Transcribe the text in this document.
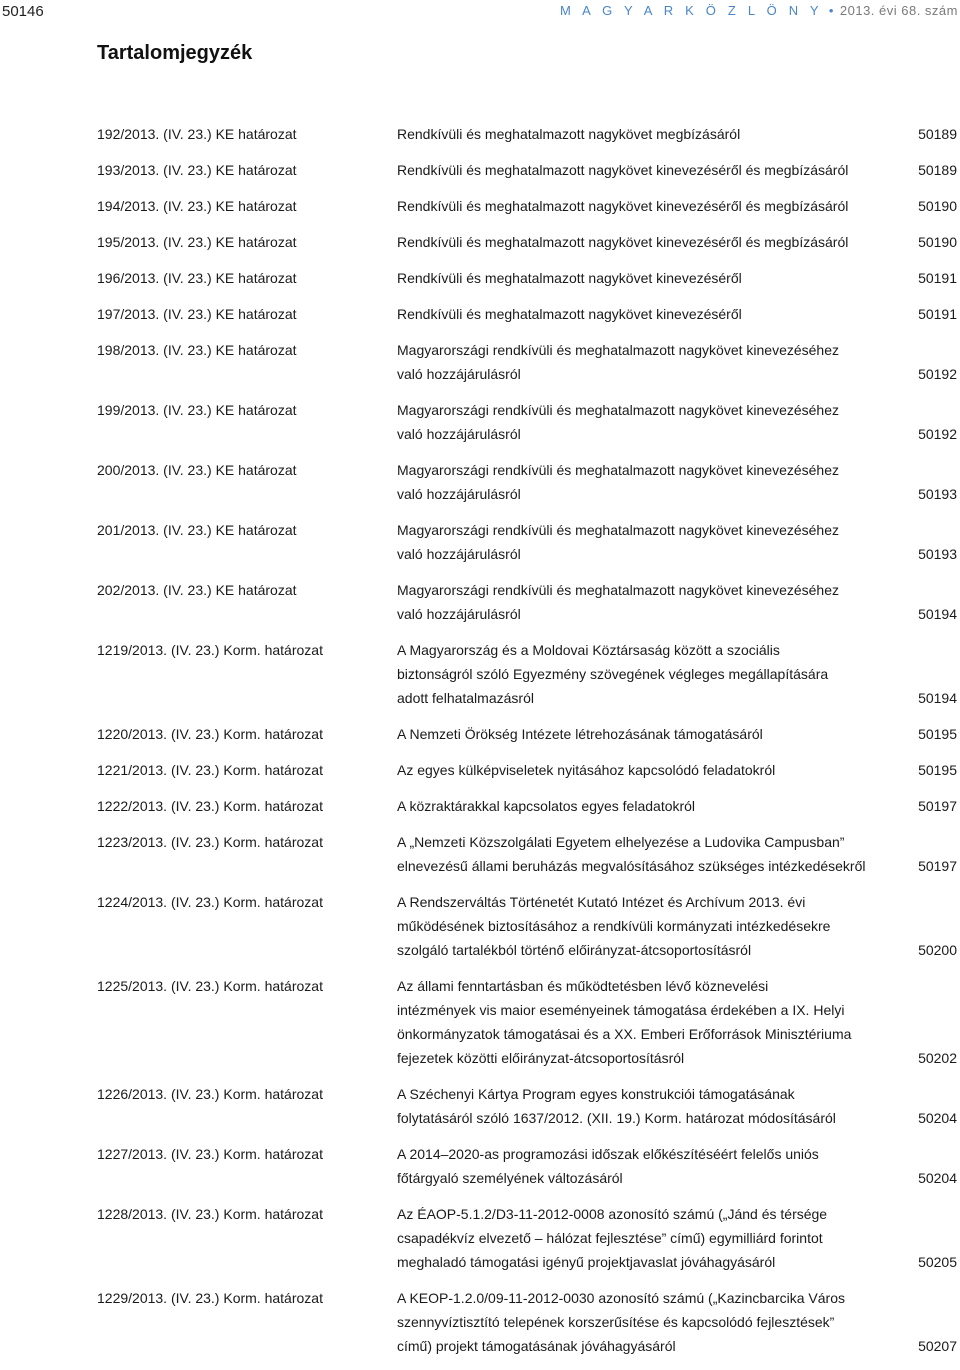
50146	M A G Y A R K Ö Z L Ö N Y • 2013. évi 68. szám
Tartalomjegyzék
192/2013. (IV. 23.) KE határozat	Rendkívüli és meghatalmazott nagykövet megbízásáról	50189
193/2013. (IV. 23.) KE határozat	Rendkívüli és meghatalmazott nagykövet kinevezéséről és megbízásáról	50189
194/2013. (IV. 23.) KE határozat	Rendkívüli és meghatalmazott nagykövet kinevezéséről és megbízásáról	50190
195/2013. (IV. 23.) KE határozat	Rendkívüli és meghatalmazott nagykövet kinevezéséről és megbízásáról	50190
196/2013. (IV. 23.) KE határozat	Rendkívüli és meghatalmazott nagykövet kinevezéséről	50191
197/2013. (IV. 23.) KE határozat	Rendkívüli és meghatalmazott nagykövet kinevezéséről	50191
198/2013. (IV. 23.) KE határozat	Magyarországi rendkívüli és meghatalmazott nagykövet kinevezéséhez
való hozzájárulásról	50192
199/2013. (IV. 23.) KE határozat	Magyarországi rendkívüli és meghatalmazott nagykövet kinevezéséhez
való hozzájárulásról	50192
200/2013. (IV. 23.) KE határozat	Magyarországi rendkívüli és meghatalmazott nagykövet kinevezéséhez
való hozzájárulásról	50193
201/2013. (IV. 23.) KE határozat	Magyarországi rendkívüli és meghatalmazott nagykövet kinevezéséhez
való hozzájárulásról	50193
202/2013. (IV. 23.) KE határozat	Magyarországi rendkívüli és meghatalmazott nagykövet kinevezéséhez
való hozzájárulásról	50194
1219/2013. (IV. 23.) Korm. határozat	A Magyarország és a Moldovai Köztársaság között a szociális
biztonságról szóló Egyezmény szövegének végleges megállapítására
adott felhatalmazásról	50194
1220/2013. (IV. 23.) Korm. határozat	A Nemzeti Örökség Intézete létrehozásának támogatásáról	50195
1221/2013. (IV. 23.) Korm. határozat	Az egyes külképviseletek nyitásához kapcsolódó feladatokról	50195
1222/2013. (IV. 23.) Korm. határozat	A közraktárakkal kapcsolatos egyes feladatokról	50197
1223/2013. (IV. 23.) Korm. határozat	A „Nemzeti Közszolgálati Egyetem elhelyezése a Ludovika Campusban”
elnevezésű állami beruházás megvalósításához szükséges intézkedésekről	50197
1224/2013. (IV. 23.) Korm. határozat	A Rendszerváltás Történetét Kutató Intézet és Archívum 2013. évi
működésének biztosításához a rendkívüli kormányzati intézkedésekre
szolgáló tartalékból történő előirányzat-átcsoportosításról	50200
1225/2013. (IV. 23.) Korm. határozat	Az állami fenntartásban és működtetésben lévő köznevelési
intézmények vis maior eseményeinek támogatása érdekében a IX. Helyi
önkormányzatok támogatásai és a XX. Emberi Erőforrások Minisztériuma
fejezetek közötti előirányzat-átcsoportosításról	50202
1226/2013. (IV. 23.) Korm. határozat	A Széchenyi Kártya Program egyes konstrukciói támogatásának
folytatásáról szóló 1637/2012. (XII. 19.) Korm. határozat módosításáról	50204
1227/2013. (IV. 23.) Korm. határozat	A 2014–2020-as programozási időszak előkészítéséért felelős uniós
főtárgyaló személyének változásáról	50204
1228/2013. (IV. 23.) Korm. határozat	Az ÉAOP-5.1.2/D3-11-2012-0008 azonosító számú („Jánd és térsége
csapadékvíz elvezető – hálózat fejlesztése” című) egymilliárd forintot
meghaladó támogatási igényű projektjavaslat jóváhagyásáról	50205
1229/2013. (IV. 23.) Korm. határozat	A KEOP-1.2.0/09-11-2012-0030 azonosító számú („Kazincbarcika Város
szennyvíztisztító telepének korszerűsítése és kapcsolódó fejlesztések”
című) projekt támogatásának jóváhagyásáról	50207
